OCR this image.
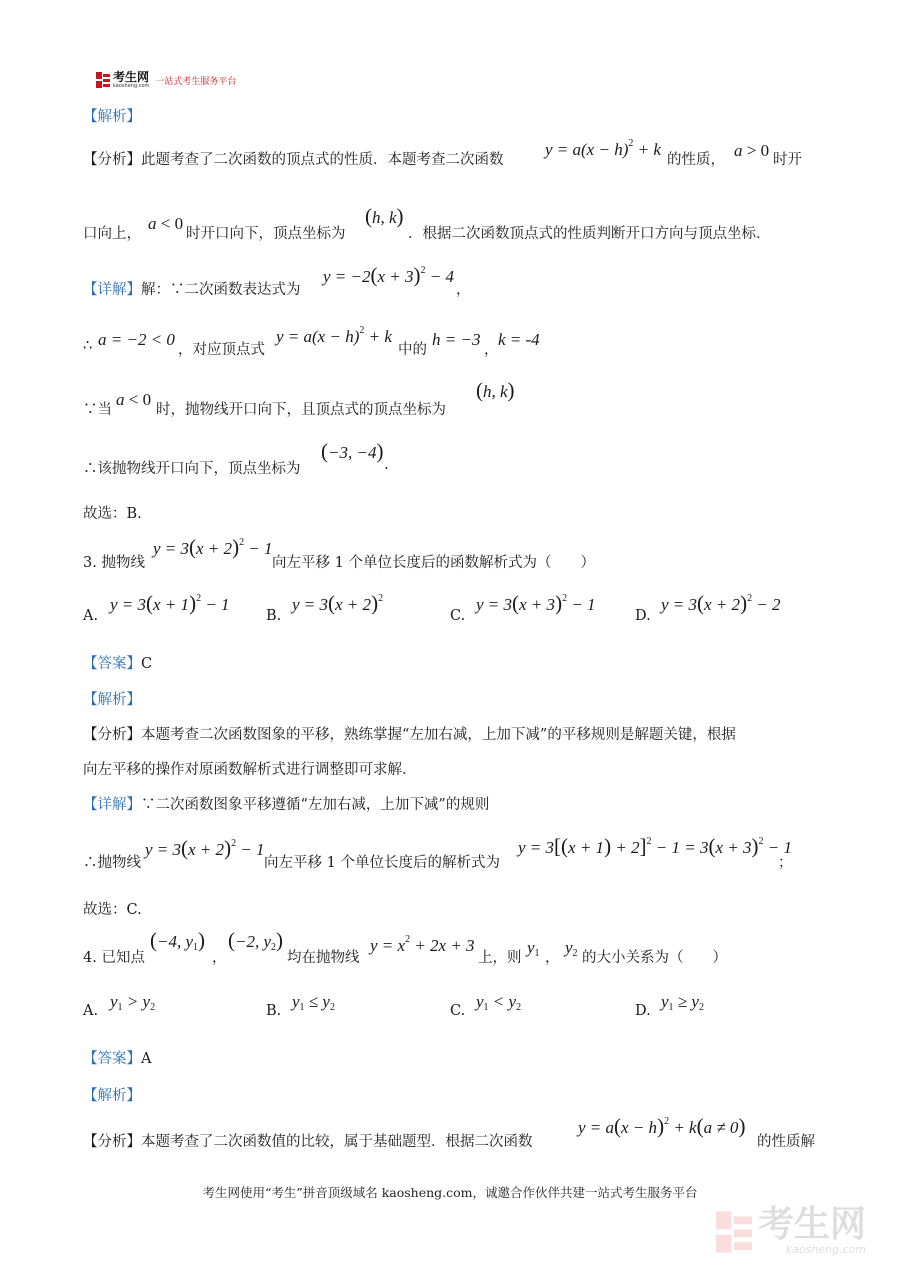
考生网
kaosheng.com 一站式考生服务平台
【解析】
【分析】此题考查了二次函数的顶点式的性质．本题考查二次函数
$y = a(x - h)^2 + k$
的性质， a > 0 时开
口向上，
a < 0
时开口向下，顶点坐标为
(h, k)
．根据二次函数顶点式的性质判断开口方向与顶点坐标．
【详解】解：∵二次函数表达式为
$y = -2(x + 3)^2 - 4$
，
∴ a = −2 < 0
，对应顶点式
$y = a(x - h)^2 + k$
中的
h = −3
，
k = -4
∵当
a < 0
时，抛物线开口向下，且顶点式的顶点坐标为
(h, k)
∴该抛物线开口向下，顶点坐标为
(−3, −4)
.
故选：B.
3. 抛物线
$y = 3(x + 2)^2 - 1$
向左平移 1 个单位长度后的函数解析式为（　　）
A.
$y = 3(x + 1)^2 - 1$
B.
$y = 3(x + 2)^2$
C.
$y = 3(x + 3)^2 - 1$
D.
$y = 3(x + 2)^2 - 2$
【答案】C
【解析】
【分析】本题考查二次函数图象的平移，熟练掌握“左加右减，上加下减”的平移规则是解题关键，根据
向左平移的操作对原函数解析式进行调整即可求解．
【详解】∵二次函数图象平移遵循“左加右减，上加下减”的规则
∴抛物线
$y = 3(x + 2)^2 - 1$
向左平移 1 个单位长度后的解析式为
$y = 3[(x + 1) + 2]^2 - 1 = 3(x + 3)^2 - 1$
；
故选：C.
4. 已知点
(−4, $y_1$)
，
(−2, $y_2$)
均在抛物线
$y = x^2 + 2x + 3$
上，则
$y_1$ ，
$y_2$ 的大小关系为（　　）
A. $y_1 > y_2$	B. $y_1 \le y_2$	C. $y_1 < y_2$	D. $y_1 \ge y_2$
【答案】A
【解析】
【分析】本题考查了二次函数值的比较，属于基础题型．根据二次函数
$y = a(x - h)^2 + k(a \ne 0)$
的性质解
考生网使用“考生”拼音顶级域名 kaosheng.com，诚邀合作伙伴共建一站式考生服务平台
考生网
kaosheng.com
